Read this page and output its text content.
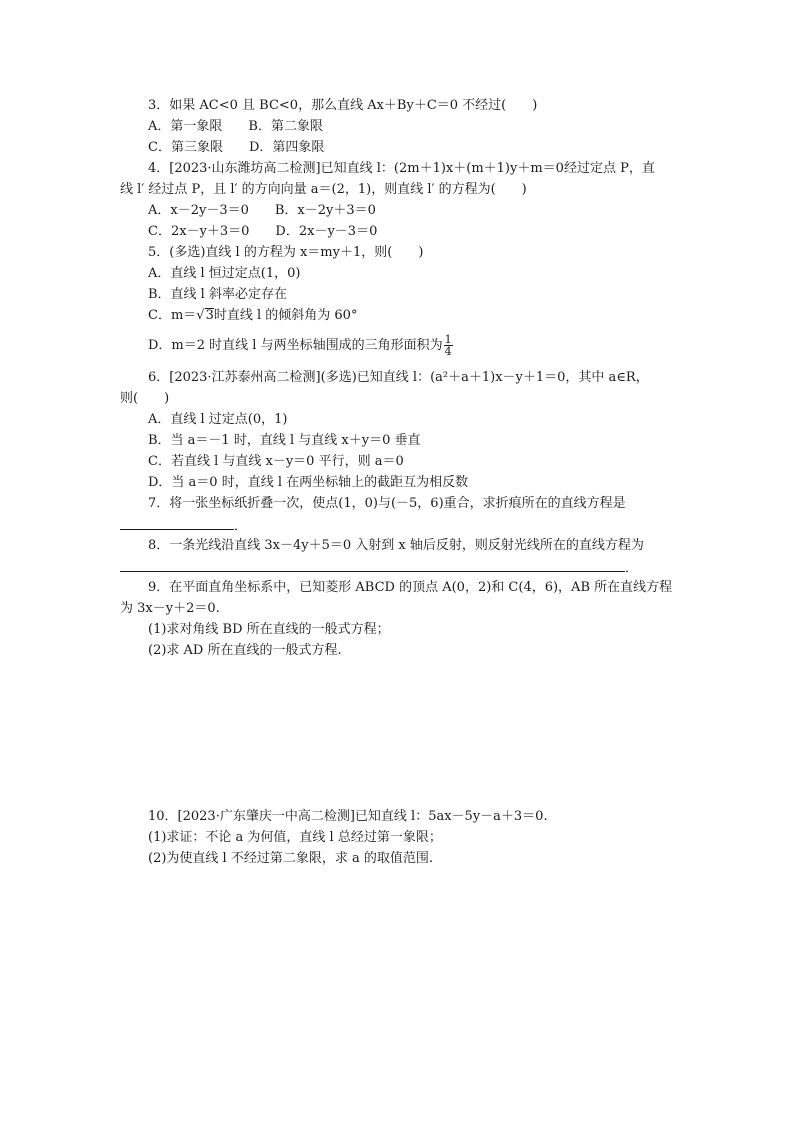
3．如果 AC<0 且 BC<0，那么直线 Ax＋By＋C＝0 不经过(　　)
A．第一象限　　B．第二象限
C．第三象限　　D．第四象限
4．[2023·山东潍坊高二检测]已知直线 l：(2m＋1)x＋(m＋1)y＋m＝0经过定点 P，直
线 l′ 经过点 P，且 l′ 的方向向量 a＝(2，1)，则直线 l′ 的方程为(　　)
A．x－2y－3＝0　　B．x－2y＋3＝0
C．2x－y＋3＝0　　D．2x－y－3＝0
5．(多选)直线 l 的方程为 x＝my＋1，则(　　)
A．直线 l 恒过定点(1，0)
B．直线 l 斜率必定存在
C．m＝√3时直线 l 的倾斜角为 60°
D．m＝2 时直线 l 与两坐标轴围成的三角形面积为 $\frac{1}{4}$
6．[2023·江苏泰州高二检测](多选)已知直线 l：(a²＋a＋1)x－y＋1＝0，其中 a∈R，
则(　　)
A．直线 l 过定点(0，1)
B．当 a＝－1 时，直线 l 与直线 x＋y＝0 垂直
C．若直线 l 与直线 x－y＝0 平行，则 a＝0
D．当 a＝0 时，直线 l 在两坐标轴上的截距互为相反数
7．将一张坐标纸折叠一次，使点(1，0)与(－5，6)重合，求折痕所在的直线方程是
．
8．一条光线沿直线 3x－4y＋5＝0 入射到 x 轴后反射，则反射光线所在的直线方程为
．
9．在平面直角坐标系中，已知菱形 ABCD 的顶点 A(0，2)和 C(4，6)，AB 所在直线方程
为 3x－y＋2＝0.
(1)求对角线 BD 所在直线的一般式方程；
(2)求 AD 所在直线的一般式方程.
10．[2023·广东肇庆一中高二检测]已知直线 l：5ax－5y－a＋3＝0.
(1)求证：不论 a 为何值，直线 l 总经过第一象限；
(2)为使直线 l 不经过第二象限，求 a 的取值范围.
